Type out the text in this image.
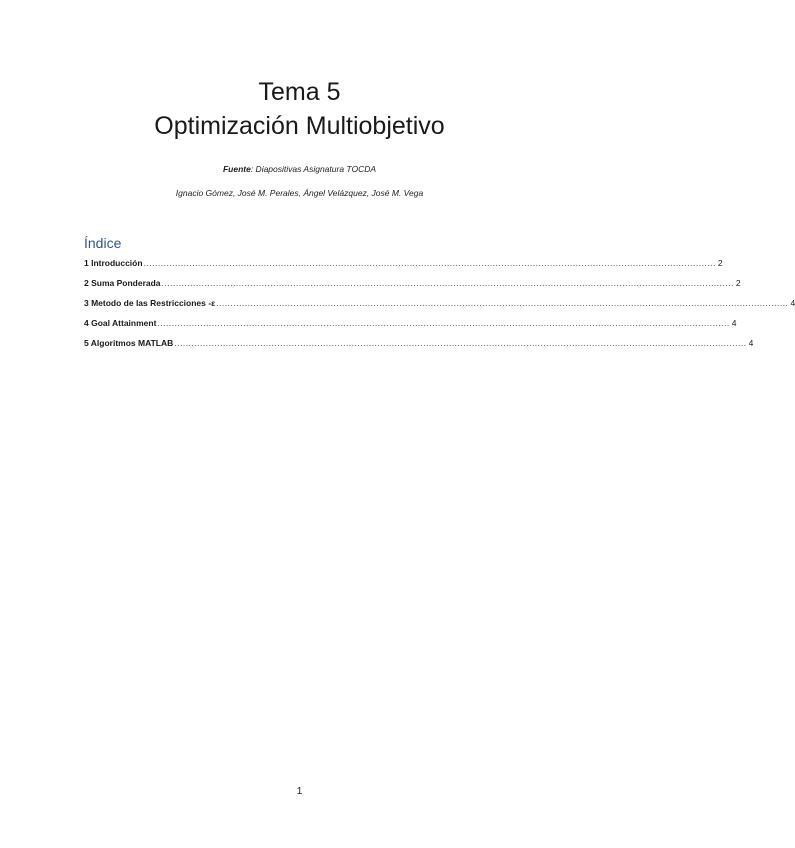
Tema 5
Optimización Multiobjetivo
Fuente: Diapositivas Asignatura TOCDA
Ignacio Gómez, José M. Perales, Ángel Velázquez, José M. Vega
Índice
1 Introducción ........................................................................................................................................................................................................ 2
2 Suma Ponderada ........................................................................................................................................................................................................ 2
3 Metodo de las Restricciones -ε ........................................................................................................................................................................................................ 4
4 Goal Attainment ........................................................................................................................................................................................................ 4
5 Algoritmos MATLAB ........................................................................................................................................................................................................ 4
1
